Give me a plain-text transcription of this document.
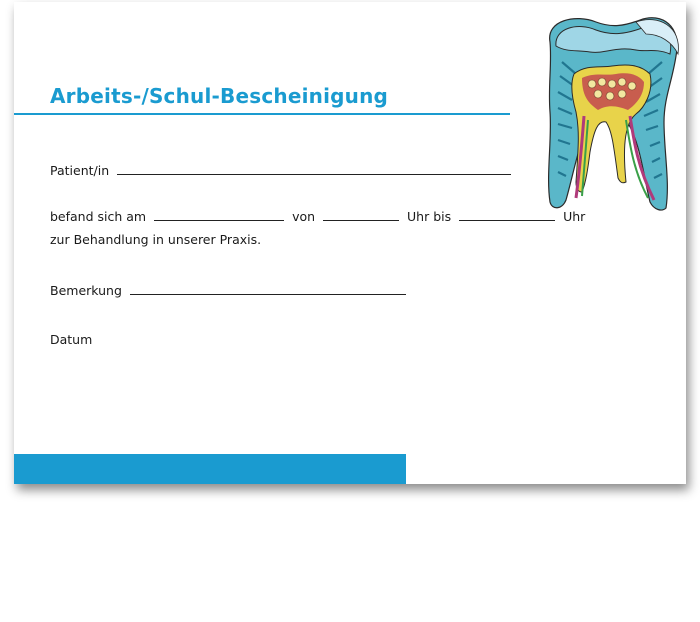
Arbeits-/Schul-Bescheinigung
Patient/in
befand sich am	von	Uhr bis	Uhr
zur Behandlung in unserer Praxis.
Bemerkung
Datum
